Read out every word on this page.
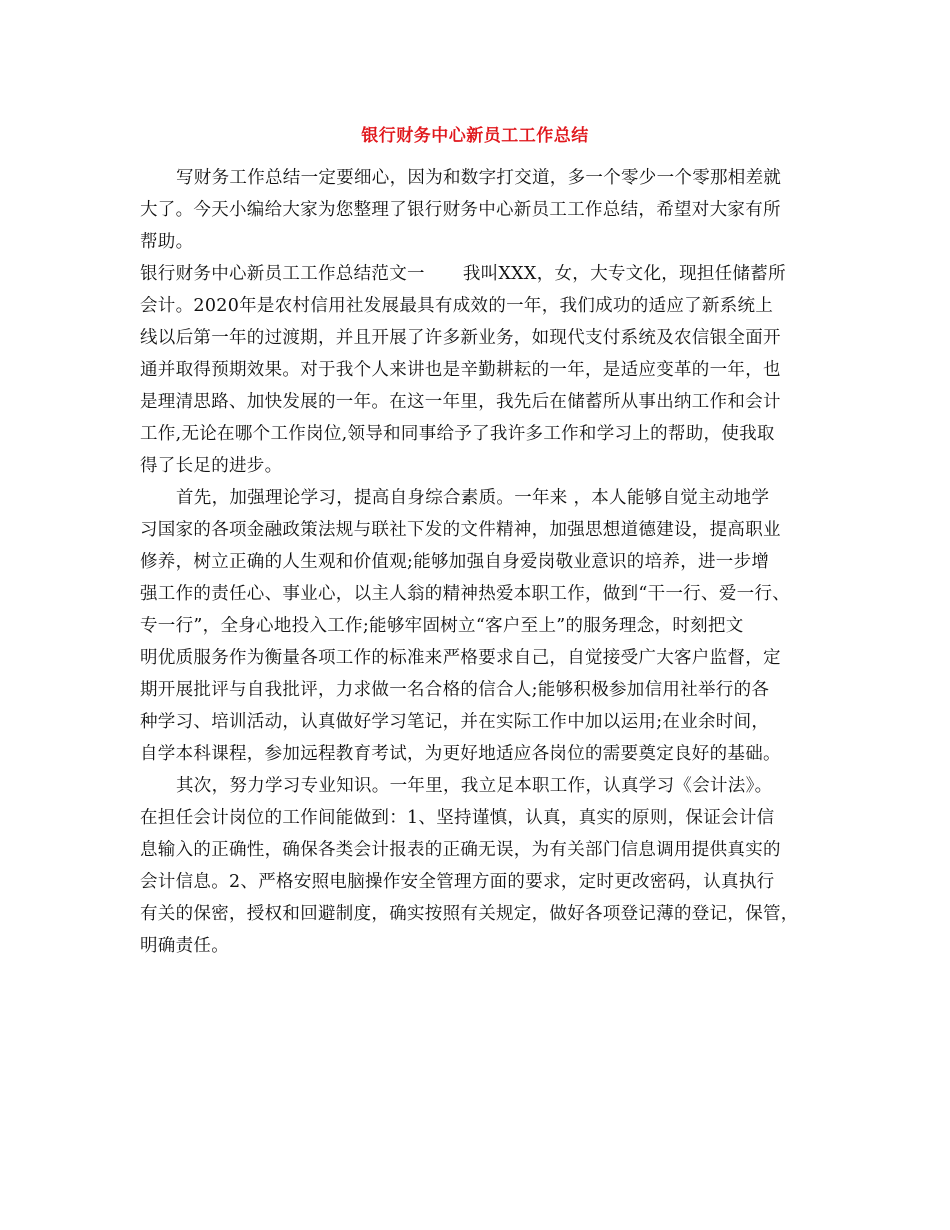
银行财务中心新员工工作总结
写财务工作总结一定要细心，因为和数字打交道，多一个零少一个零那相差就
大了。今天小编给大家为您整理了银行财务中心新员工工作总结，希望对大家有所
帮助。
银行财务中心新员工工作总结范文一 我叫XXX，女，大专文化，现担任储蓄所
会计。2020年是农村信用社发展最具有成效的一年，我们成功的适应了新系统上
线以后第一年的过渡期，并且开展了许多新业务，如现代支付系统及农信银全面开
通并取得预期效果。对于我个人来讲也是辛勤耕耘的一年，是适应变革的一年，也
是理清思路、加快发展的一年。在这一年里，我先后在储蓄所从事出纳工作和会计
工作,无论在哪个工作岗位,领导和同事给予了我许多工作和学习上的帮助，使我取
得了长足的进步。
首先，加强理论学习，提高自身综合素质。一年来 ，本人能够自觉主动地学
习国家的各项金融政策法规与联社下发的文件精神，加强思想道德建设，提高职业
修养，树立正确的人生观和价值观;能够加强自身爱岗敬业意识的培养，进一步增
强工作的责任心、事业心，以主人翁的精神热爱本职工作，做到“干一行、爱一行、
专一行”，全身心地投入工作;能够牢固树立“客户至上”的服务理念，时刻把文
明优质服务作为衡量各项工作的标准来严格要求自己，自觉接受广大客户监督，定
期开展批评与自我批评，力求做一名合格的信合人;能够积极参加信用社举行的各
种学习、培训活动，认真做好学习笔记，并在实际工作中加以运用;在业余时间，
自学本科课程，参加远程教育考试，为更好地适应各岗位的需要奠定良好的基础。
其次，努力学习专业知识。一年里，我立足本职工作，认真学习《会计法》。
在担任会计岗位的工作间能做到：1、坚持谨慎，认真，真实的原则，保证会计信
息输入的正确性，确保各类会计报表的正确无误，为有关部门信息调用提供真实的
会计信息。2、严格安照电脑操作安全管理方面的要求，定时更改密码，认真执行
有关的保密，授权和回避制度，确实按照有关规定，做好各项登记薄的登记，保管，
明确责任。
